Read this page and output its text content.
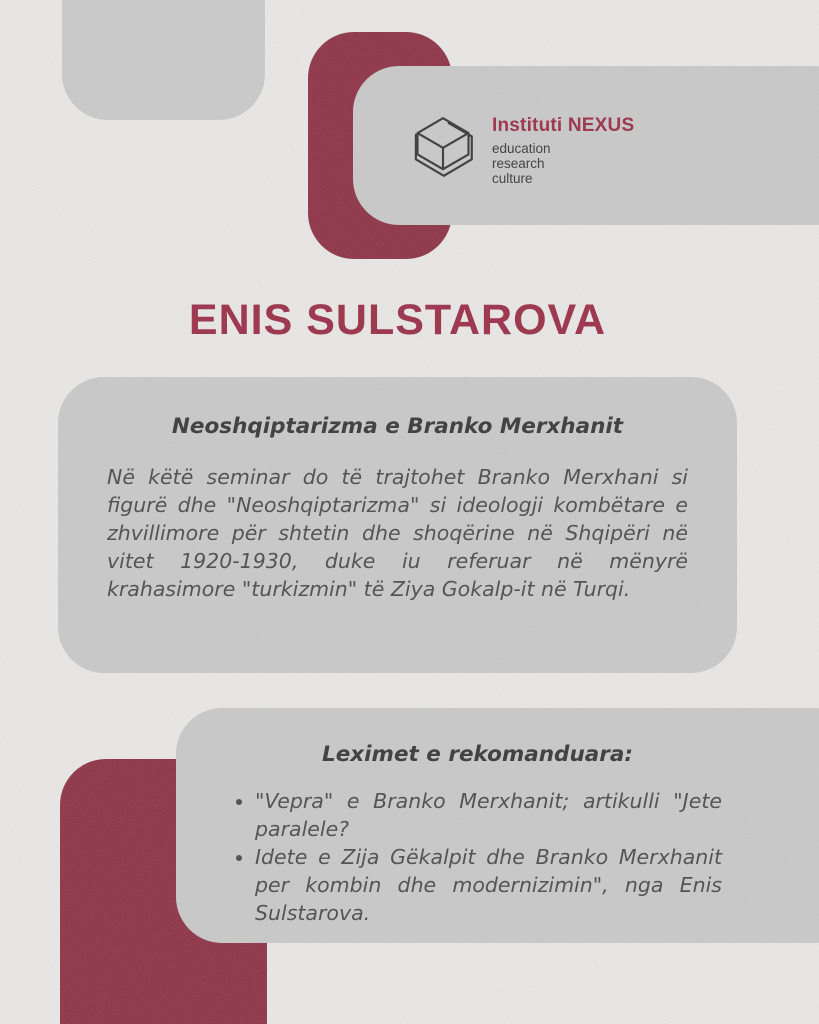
Instituti NEXUS
education
research
culture
ENIS SULSTAROVA
Neoshqiptarizma e Branko Merxhanit
Në këtë seminar do të trajtohet Branko Merxhani si figurë dhe "Neoshqiptarizma" si ideologji kombëtare e zhvillimore për shtetin dhe shoqërine në Shqipëri në vitet 1920-1930, duke iu referuar në mënyrë krahasimore "turkizmin" të Ziya Gokalp-it në Turqi.
Leximet e rekomanduara:
• "Vepra" e Branko Merxhanit; artikulli "Jete paralele?
• Idete e Zija Gëkalpit dhe Branko Merxhanit per kombin dhe modernizimin", nga Enis Sulstarova.
